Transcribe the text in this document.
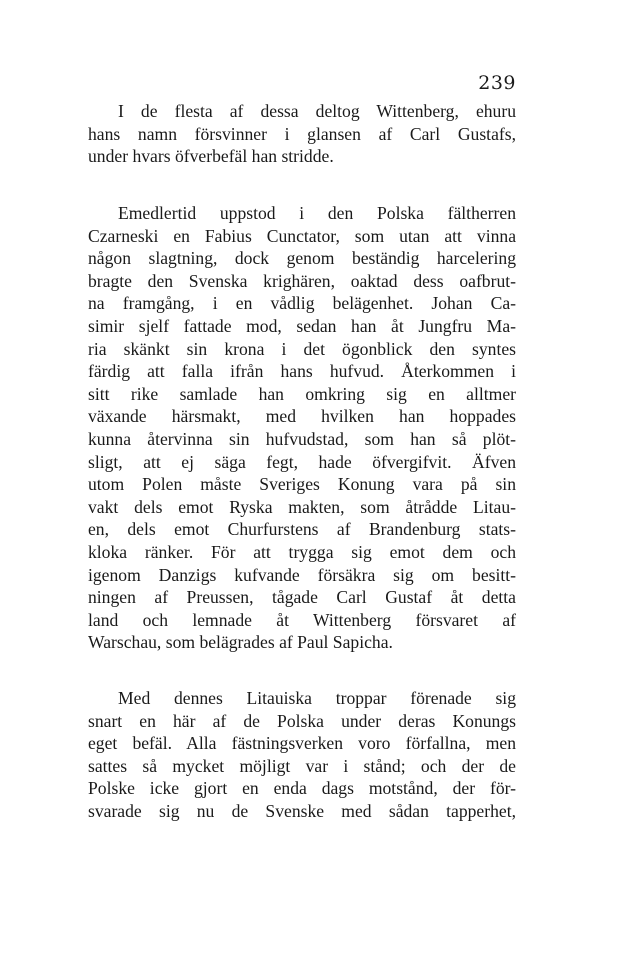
239
I de flesta af dessa deltog Wittenberg, ehuru
hans namn försvinner i glansen af Carl Gustafs,
under hvars öfverbefäl han stridde.
Emedlertid uppstod i den Polska fältherren
Czarneski en Fabius Cunctator, som utan att vinna
någon slagtning, dock genom beständig harcelering
bragte den Svenska krighären, oaktad dess oafbrut-
na framgång, i en vådlig belägenhet. Johan Ca-
simir sjelf fattade mod, sedan han åt Jungfru Ma-
ria skänkt sin krona i det ögonblick den syntes
färdig att falla ifrån hans hufvud. Återkommen i
sitt rike samlade han omkring sig en alltmer
växande härsmakt, med hvilken han hoppades
kunna återvinna sin hufvudstad, som han så plöt-
sligt, att ej säga fegt, hade öfvergifvit. Äfven
utom Polen måste Sveriges Konung vara på sin
vakt dels emot Ryska makten, som åtrådde Litau-
en, dels emot Churfurstens af Brandenburg stats-
kloka ränker. För att trygga sig emot dem och
igenom Danzigs kufvande försäkra sig om besitt-
ningen af Preussen, tågade Carl Gustaf åt detta
land och lemnade åt Wittenberg försvaret af
Warschau, som belägrades af Paul Sapicha.
Med dennes Litauiska troppar förenade sig
snart en här af de Polska under deras Konungs
eget befäl. Alla fästningsverken voro förfallna, men
sattes så mycket möjligt var i stånd; och der de
Polske icke gjort en enda dags motstånd, der för-
svarade sig nu de Svenske med sådan tapperhet,
